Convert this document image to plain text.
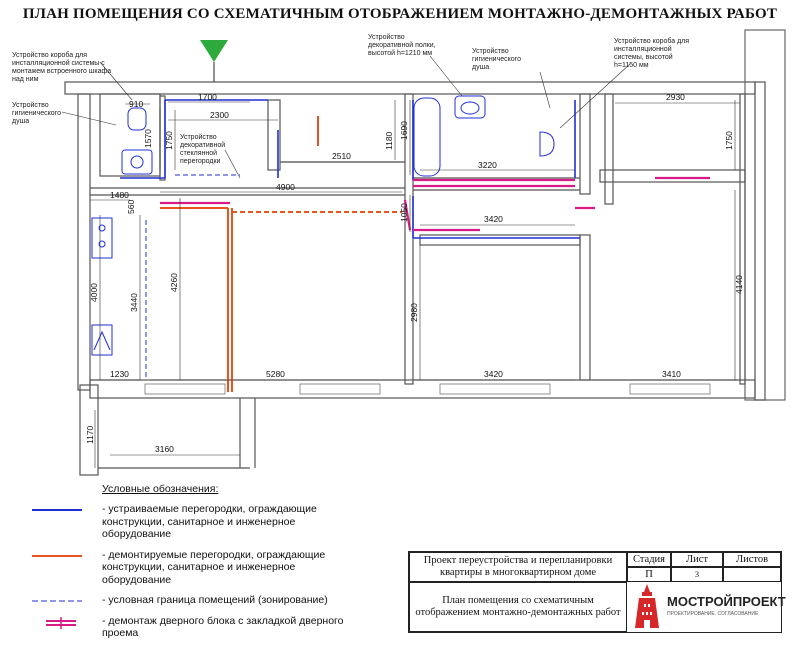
ПЛАН ПОМЕЩЕНИЯ СО СХЕМАТИЧНЫМ ОТОБРАЖЕНИЕМ МОНТАЖНО-ДЕМОНТАЖНЫХ РАБОТ
910
1700
2300
2510
4900
3220
2930
1480
3420
1230	5280	3420	3410
3160
1570 1750	1180
1690
1750
560	1050
4000
3440
4260
2980
4140
1170
Устройство короба для инсталляционной системы с монтажем встроенного шкафа над ним
Устройство гигиенического душа
Устройство декоративной стеклянной перегородки
Устройство декоративной полки, высотой h=1210 мм	Устройство гигиенического душа
Устройство короба для инсталляционной системы, высотой h=1150 мм
Условные обозначения:
- устраиваемые перегородки, ограждающие конструкции, санитарное и инженерное оборудование
- демонтируемые перегородки, ограждающие конструкции, санитарное и инженерное оборудование
- условная граница помещений (зонирование)
- демонтаж дверного блока с закладкой дверного проема
Проект переустройства и перепланировки квартиры в многоквартирном доме
Стадия	Лист	Листов
П	3
План помещения со схематичным отображением монтажно-демонтажных работ
МОСТРОЙПРОЕКТ
ПРОЕКТИРОВАНИЕ. СОГЛАСОВАНИЕ
